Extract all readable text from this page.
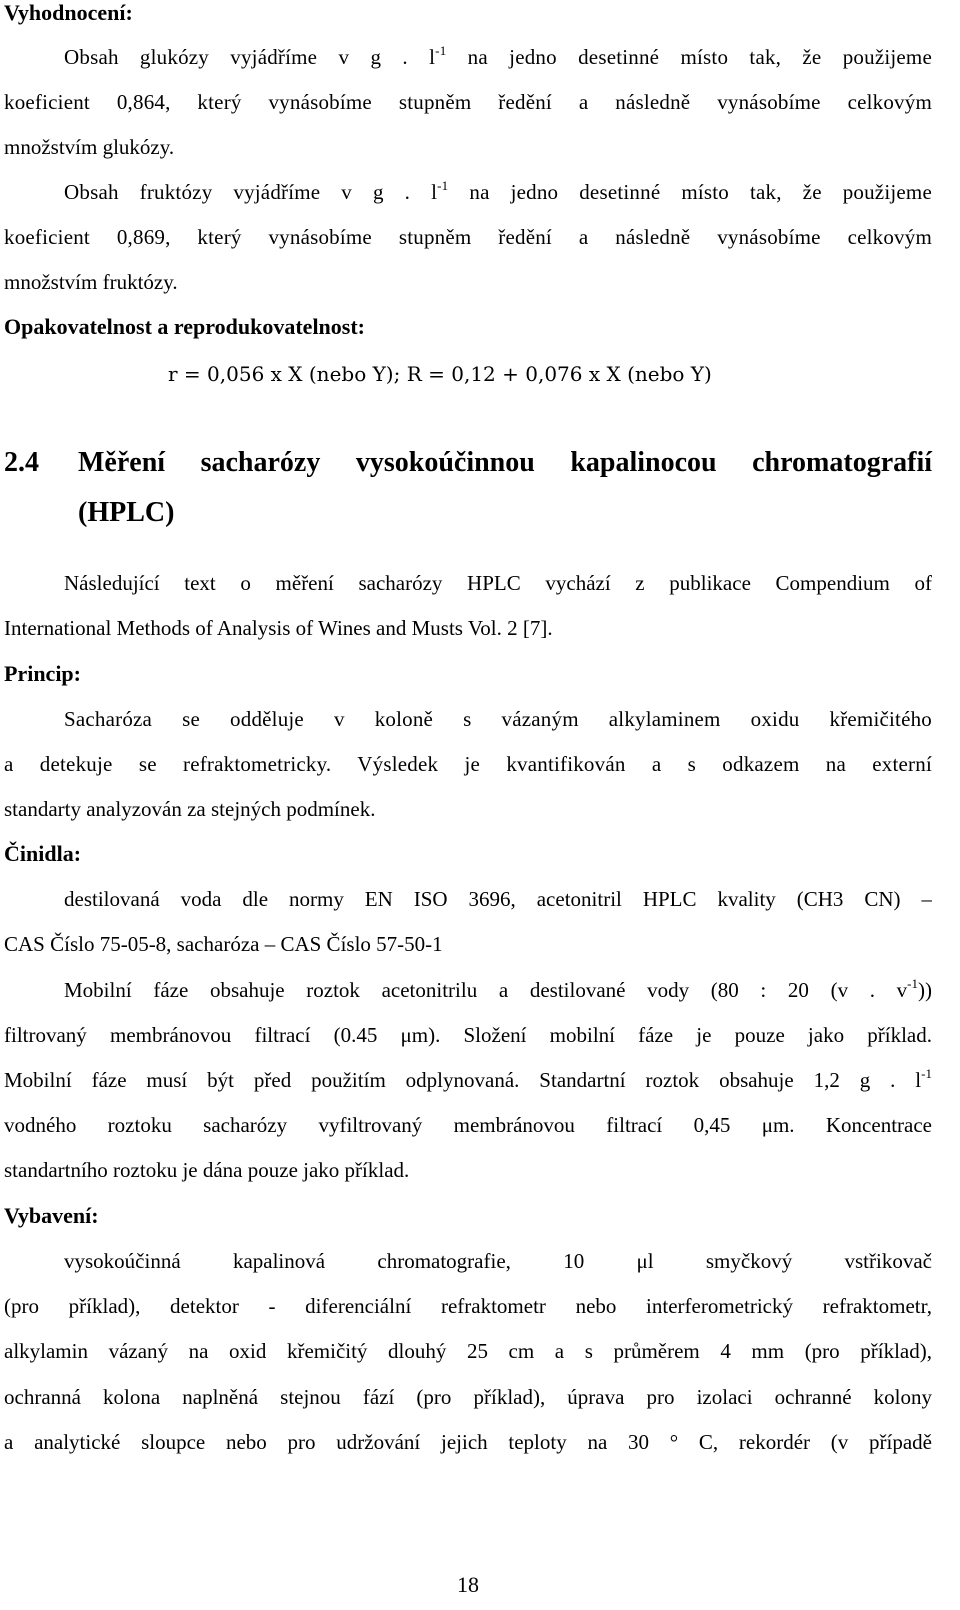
Vyhodnocení:
Obsah glukózy vyjádříme v g . $l^{-1}$ na jedno desetinné místo tak, že použijeme
koeficient 0,864, který vynásobíme stupněm ředění a následně vynásobíme celkovým
množstvím glukózy.
Obsah fruktózy vyjádříme v g . $l^{-1}$ na jedno desetinné místo tak, že použijeme
koeficient 0,869, který vynásobíme stupněm ředění a následně vynásobíme celkovým
množstvím fruktózy.
Opakovatelnost a reprodukovatelnost:
r = 0,056 x X (nebo Y); R = 0,12 + 0,076 x X (nebo Y)
2.4 Měření sacharózy vysokoúčinnou kapalinocou chromatografií
(HPLC)
Následující text o měření sacharózy HPLC vychází z publikace Compendium of
International Methods of Analysis of Wines and Musts Vol. 2 [7].
Princip:
Sacharóza se odděluje v koloně s vázaným alkylaminem oxidu křemičitého
a detekuje se refraktometricky. Výsledek je kvantifikován a s odkazem na externí
standarty analyzován za stejných podmínek.
Činidla:
destilovaná voda dle normy EN ISO 3696, acetonitril HPLC kvality (CH3 CN) –
CAS Číslo 75-05-8, sacharóza – CAS Číslo 57-50-1
Mobilní fáze obsahuje roztok acetonitrilu a destilované vody (80 : 20 (v . $v^{-1}$))
filtrovaný membránovou filtrací (0.45 μm). Složení mobilní fáze je pouze jako příklad.
Mobilní fáze musí být před použitím odplynovaná. Standartní roztok obsahuje 1,2 g . $l^{-1}$
vodného roztoku sacharózy vyfiltrovaný membránovou filtrací 0,45 μm. Koncentrace
standartního roztoku je dána pouze jako příklad.
Vybavení:
vysokoúčinná kapalinová chromatografie, 10 μl smyčkový vstřikovač
(pro příklad), detektor - diferenciální refraktometr nebo interferometrický refraktometr,
alkylamin vázaný na oxid křemičitý dlouhý 25 cm a s průměrem 4 mm (pro příklad),
ochranná kolona naplněná stejnou fází (pro příklad), úprava pro izolaci ochranné kolony
a analytické sloupce nebo pro udržování jejich teploty na 30 ° C, rekordér (v případě
18
